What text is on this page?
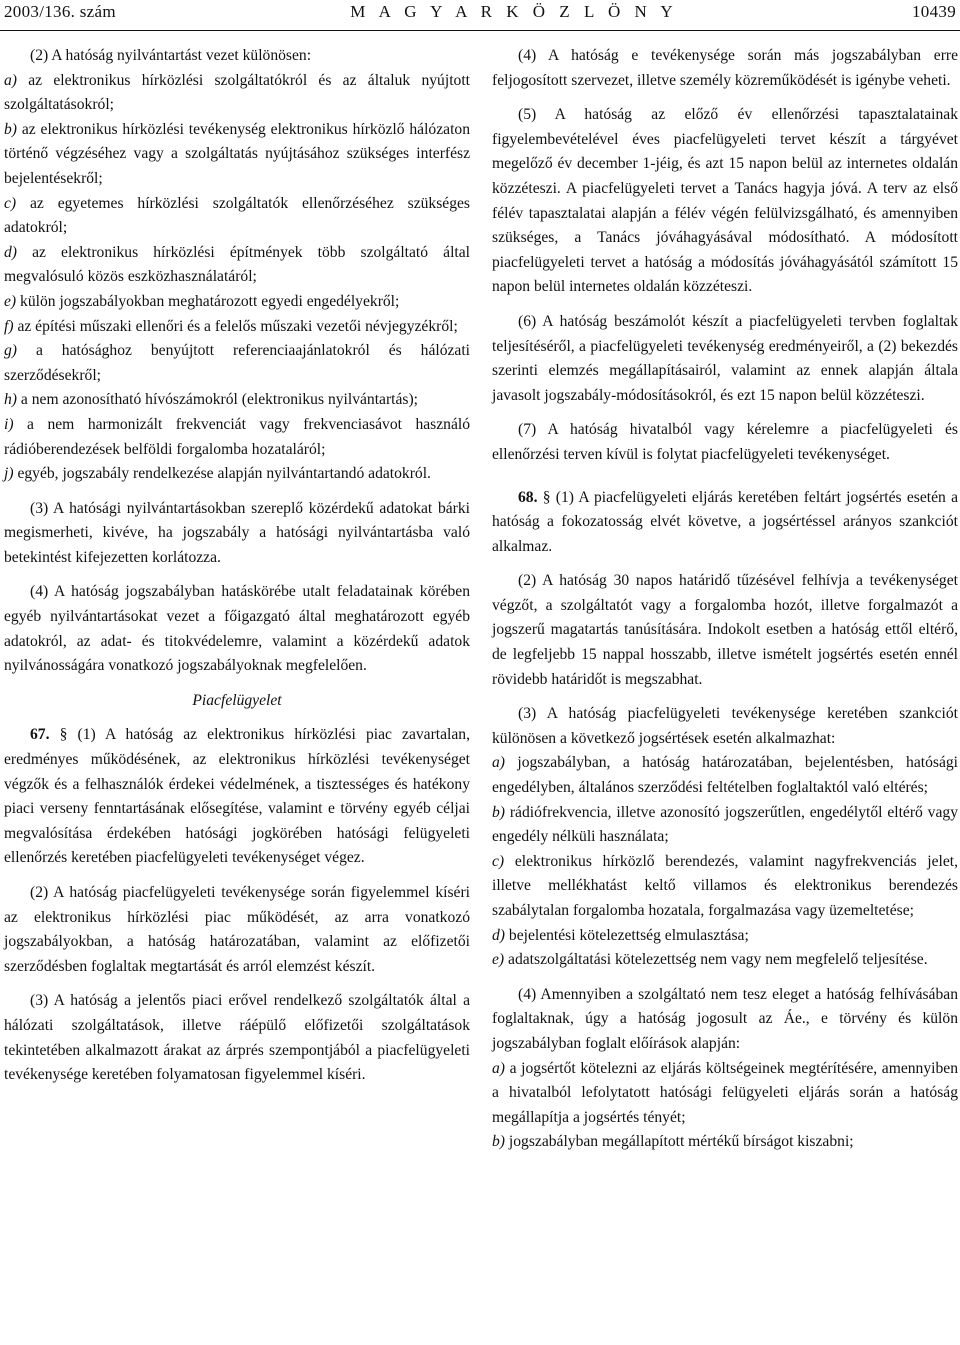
2003/136. szám	M A G Y A R K Ö Z L Ö N Y	10439

(2) A hatóság nyilvántartást vezet különösen:

a) az elektronikus hírközlési szolgáltatókról és az általuk nyújtott szolgáltatásokról;

b) az elektronikus hírközlési tevékenység elektronikus hírközlő hálózaton történő végzéséhez vagy a szolgáltatás nyújtásához szükséges interfész bejelentésekről;

c) az egyetemes hírközlési szolgáltatók ellenőrzéséhez szükséges adatokról;

d) az elektronikus hírközlési építmények több szolgáltató által megvalósuló közös eszközhasználatáról;

e) külön jogszabályokban meghatározott egyedi engedélyekről;

f) az építési műszaki ellenőri és a felelős műszaki vezetői névjegyzékről;

g) a hatósághoz benyújtott referenciaajánlatokról és hálózati szerződésekről;

h) a nem azonosítható hívószámokról (elektronikus nyilvántartás);

i) a nem harmonizált frekvenciát vagy frekvenciasávot használó rádióberendezések belföldi forgalomba hozataláról;

j) egyéb, jogszabály rendelkezése alapján nyilvántartandó adatokról.

(3) A hatósági nyilvántartásokban szereplő közérdekű adatokat bárki megismerheti, kivéve, ha jogszabály a hatósági nyilvántartásba való betekintést kifejezetten korlátozza.

(4) A hatóság jogszabályban hatáskörébe utalt feladatainak körében egyéb nyilvántartásokat vezet a főigazgató által meghatározott egyéb adatokról, az adat- és titokvédelemre, valamint a közérdekű adatok nyilvánosságára vonatkozó jogszabályoknak megfelelően.

Piacfelügyelet

67. § (1) A hatóság az elektronikus hírközlési piac zavartalan, eredményes működésének, az elektronikus hírközlési tevékenységet végzők és a felhasználók érdekei védelmének, a tisztességes és hatékony piaci verseny fenntartásának elősegítése, valamint e törvény egyéb céljai megvalósítása érdekében hatósági jogkörében hatósági felügyeleti ellenőrzés keretében piacfelügyeleti tevékenységet végez.

(2) A hatóság piacfelügyeleti tevékenysége során figyelemmel kíséri az elektronikus hírközlési piac működését, az arra vonatkozó jogszabályokban, a hatóság határozatában, valamint az előfizetői szerződésben foglaltak megtartását és arról elemzést készít.

(3) A hatóság a jelentős piaci erővel rendelkező szolgáltatók által a hálózati szolgáltatások, illetve ráépülő előfizetői szolgáltatások tekintetében alkalmazott árakat az árprés szempontjából a piacfelügyeleti tevékenysége keretében folyamatosan figyelemmel kíséri.

(4) A hatóság e tevékenysége során más jogszabályban erre feljogosított szervezet, illetve személy közreműködését is igénybe veheti.

(5) A hatóság az előző év ellenőrzési tapasztalatainak figyelembevételével éves piacfelügyeleti tervet készít a tárgyévet megelőző év december 1-jéig, és azt 15 napon belül az internetes oldalán közzéteszi. A piacfelügyeleti tervet a Tanács hagyja jóvá. A terv az első félév tapasztalatai alapján a félév végén felülvizsgálható, és amennyiben szükséges, a Tanács jóváhagyásával módosítható. A módosított piacfelügyeleti tervet a hatóság a módosítás jóváhagyásától számított 15 napon belül internetes oldalán közzéteszi.

(6) A hatóság beszámolót készít a piacfelügyeleti tervben foglaltak teljesítéséről, a piacfelügyeleti tevékenység eredményeiről, a (2) bekezdés szerinti elemzés megállapításairól, valamint az ennek alapján általa javasolt jogszabály-módosításokról, és ezt 15 napon belül közzéteszi.

(7) A hatóság hivatalból vagy kérelemre a piacfelügyeleti és ellenőrzési terven kívül is folytat piacfelügyeleti tevékenységet.

68. § (1) A piacfelügyeleti eljárás keretében feltárt jogsértés esetén a hatóság a fokozatosság elvét követve, a jogsértéssel arányos szankciót alkalmaz.

(2) A hatóság 30 napos határidő tűzésével felhívja a tevékenységet végzőt, a szolgáltatót vagy a forgalomba hozót, illetve forgalmazót a jogszerű magatartás tanúsítására. Indokolt esetben a hatóság ettől eltérő, de legfeljebb 15 nappal hosszabb, illetve ismételt jogsértés esetén ennél rövidebb határidőt is megszabhat.

(3) A hatóság piacfelügyeleti tevékenysége keretében szankciót különösen a következő jogsértések esetén alkalmazhat:

a) jogszabályban, a hatóság határozatában, bejelentésben, hatósági engedélyben, általános szerződési feltételben foglaltaktól való eltérés;

b) rádiófrekvencia, illetve azonosító jogszerűtlen, engedélytől eltérő vagy engedély nélküli használata;

c) elektronikus hírközlő berendezés, valamint nagyfrekvenciás jelet, illetve mellékhatást keltő villamos és elektronikus berendezés szabálytalan forgalomba hozatala, forgalmazása vagy üzemeltetése;

d) bejelentési kötelezettség elmulasztása;

e) adatszolgáltatási kötelezettség nem vagy nem megfelelő teljesítése.

(4) Amennyiben a szolgáltató nem tesz eleget a hatóság felhívásában foglaltaknak, úgy a hatóság jogosult az Áe., e törvény és külön jogszabályban foglalt előírások alapján:

a) a jogsértőt kötelezni az eljárás költségeinek megtérítésére, amennyiben a hivatalból lefolytatott hatósági felügyeleti eljárás során a hatóság megállapítja a jogsértés tényét;

b) jogszabályban megállapított mértékű bírságot kiszabni;
